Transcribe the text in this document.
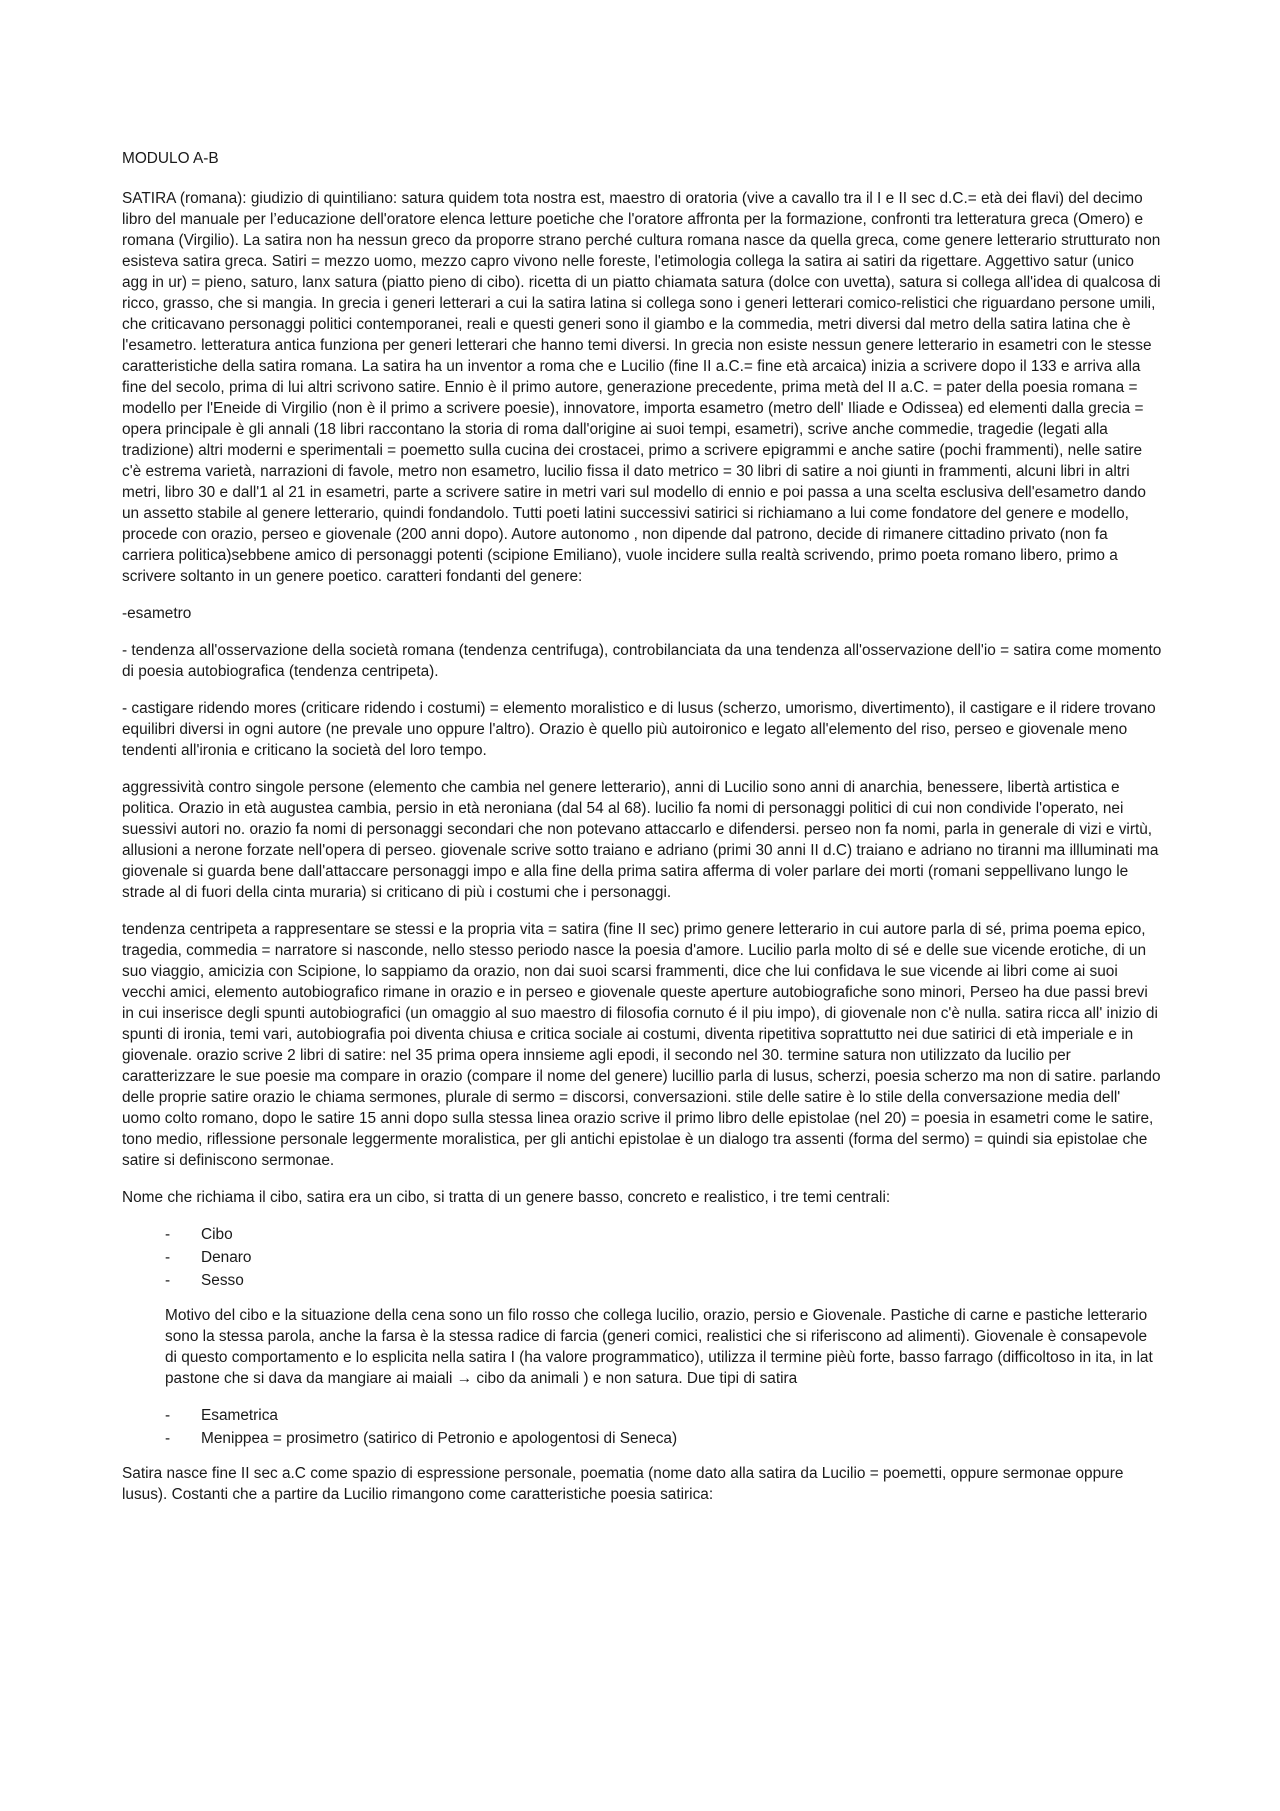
MODULO A-B

SATIRA (romana): giudizio di quintiliano: satura quidem tota nostra est, maestro di oratoria (vive a cavallo tra il I e II sec d.C.= età dei flavi) del decimo libro del manuale per l’educazione dell'oratore elenca letture poetiche che l'oratore affronta per la formazione, confronti tra letteratura greca (Omero) e romana (Virgilio). La satira non ha nessun greco da proporre strano perché cultura romana nasce da quella greca, come genere letterario strutturato non esisteva satira greca. Satiri = mezzo uomo, mezzo capro vivono nelle foreste, l'etimologia collega la satira ai satiri da rigettare. Aggettivo satur (unico agg in ur) = pieno, saturo, lanx satura (piatto pieno di cibo). ricetta di un piatto chiamata satura (dolce con uvetta), satura si collega all'idea di qualcosa di ricco, grasso, che si mangia. In grecia i generi letterari a cui la satira latina si collega sono i generi letterari comico-relistici che riguardano persone umili, che criticavano personaggi politici contemporanei, reali e questi generi sono il giambo e la commedia, metri diversi dal metro della satira latina che è l'esametro. letteratura antica funziona per generi letterari che hanno temi diversi. In grecia non esiste nessun genere letterario in esametri con le stesse caratteristiche della satira romana. La satira ha un inventor a roma che e Lucilio (fine II a.C.= fine età arcaica) inizia a scrivere dopo il 133 e arriva alla fine del secolo, prima di lui altri scrivono satire. Ennio è il primo autore, generazione precedente, prima metà del II a.C. = pater della poesia romana = modello per l'Eneide di Virgilio (non è il primo a scrivere poesie), innovatore, importa esametro (metro dell' Iliade e Odissea) ed elementi dalla grecia = opera principale è gli annali (18 libri raccontano la storia di roma dall'origine ai suoi tempi, esametri), scrive anche commedie, tragedie (legati alla tradizione) altri moderni e sperimentali = poemetto sulla cucina dei crostacei, primo a scrivere epigrammi e anche satire (pochi frammenti), nelle satire c'è estrema varietà, narrazioni di favole, metro non esametro, lucilio fissa il dato metrico = 30 libri di satire a noi giunti in frammenti, alcuni libri in altri metri, libro 30 e dall'1 al 21 in esametri, parte a scrivere satire in metri vari sul modello di ennio e poi passa a una scelta esclusiva dell'esametro dando un assetto stabile al genere letterario, quindi fondandolo. Tutti poeti latini successivi satirici si richiamano a lui come fondatore del genere e modello, procede con orazio, perseo e giovenale (200 anni dopo). Autore autonomo , non dipende dal patrono, decide di rimanere cittadino privato (non fa carriera politica)sebbene amico di personaggi potenti (scipione Emiliano), vuole incidere sulla realtà scrivendo, primo poeta romano libero, primo a scrivere soltanto in un genere poetico. caratteri fondanti del genere:

-esametro

- tendenza all'osservazione della società romana (tendenza centrifuga), controbilanciata da una tendenza all'osservazione dell'io = satira come momento di poesia autobiografica (tendenza centripeta).

- castigare ridendo mores (criticare ridendo i costumi) = elemento moralistico e di lusus (scherzo, umorismo, divertimento), il castigare e il ridere trovano equilibri diversi in ogni autore (ne prevale uno oppure l'altro). Orazio è quello più autoironico e legato all'elemento del riso, perseo e giovenale meno tendenti all'ironia e criticano la società del loro tempo.

aggressività contro singole persone (elemento che cambia nel genere letterario), anni di Lucilio sono anni di anarchia, benessere, libertà artistica e politica. Orazio in età augustea cambia, persio in età neroniana (dal 54 al 68). lucilio fa nomi di personaggi politici di cui non condivide l'operato, nei suessivi autori no. orazio fa nomi di personaggi secondari che non potevano attaccarlo e difendersi. perseo non fa nomi, parla in generale di vizi e virtù, allusioni a nerone forzate nell'opera di perseo. giovenale scrive sotto traiano e adriano (primi 30 anni II d.C) traiano e adriano no tiranni ma illluminati ma giovenale si guarda bene dall'attaccare personaggi impo e alla fine della prima satira afferma di voler parlare dei morti (romani seppellivano lungo le strade al di fuori della cinta muraria) si criticano di più i costumi che i personaggi.

tendenza centripeta a rappresentare se stessi e la propria vita = satira (fine II sec) primo genere letterario in cui autore parla di sé, prima poema epico, tragedia, commedia = narratore si nasconde, nello stesso periodo nasce la poesia d'amore. Lucilio parla molto di sé e delle sue vicende erotiche, di un suo viaggio, amicizia con Scipione, lo sappiamo da orazio, non dai suoi scarsi frammenti, dice che lui confidava le sue vicende ai libri come ai suoi vecchi amici, elemento autobiografico rimane in orazio e in perseo e giovenale queste aperture autobiografiche sono minori, Perseo ha due passi brevi in cui inserisce degli spunti autobiografici (un omaggio al suo maestro di filosofia cornuto é il piu impo), di giovenale non c'è nulla. satira ricca all' inizio di spunti di ironia, temi vari, autobiografia poi diventa chiusa e critica sociale ai costumi, diventa ripetitiva soprattutto nei due satirici di età imperiale e in giovenale. orazio scrive 2 libri di satire: nel 35 prima opera innsieme agli epodi, il secondo nel 30. termine satura non utilizzato da lucilio per caratterizzare le sue poesie ma compare in orazio (compare il nome del genere) lucillio parla di lusus, scherzi, poesia scherzo ma non di satire. parlando delle proprie satire orazio le chiama sermones, plurale di sermo = discorsi, conversazioni. stile delle satire è lo stile della conversazione media dell' uomo colto romano, dopo le satire 15 anni dopo sulla stessa linea orazio scrive il primo libro delle epistolae (nel 20) = poesia in esametri come le satire, tono medio, riflessione personale leggermente moralistica, per gli antichi epistolae è un dialogo tra assenti (forma del sermo) = quindi sia epistolae che satire si definiscono sermonae.

Nome che richiama il cibo, satira era un cibo, si tratta di un genere basso, concreto e realistico, i tre temi centrali:

- Cibo
- Denaro
- Sesso

Motivo del cibo e la situazione della cena sono un filo rosso che collega lucilio, orazio, persio e Giovenale. Pastiche di carne e pastiche letterario sono la stessa parola, anche la farsa è la stessa radice di farcia (generi comici, realistici che si riferiscono ad alimenti). Giovenale è consapevole di questo comportamento e lo esplicita nella satira I (ha valore programmatico), utilizza il termine pièù forte, basso farrago (difficoltoso in ita, in lat pastone che si dava da mangiare ai maiali → cibo da animali ) e non satura. Due tipi di satira

- Esametrica
- Menippea = prosimetro (satirico di Petronio e apologentosi di Seneca)

Satira nasce fine II sec a.C come spazio di espressione personale, poematia (nome dato alla satira da Lucilio = poemetti, oppure sermonae oppure lusus). Costanti che a partire da Lucilio rimangono come caratteristiche poesia satirica:
